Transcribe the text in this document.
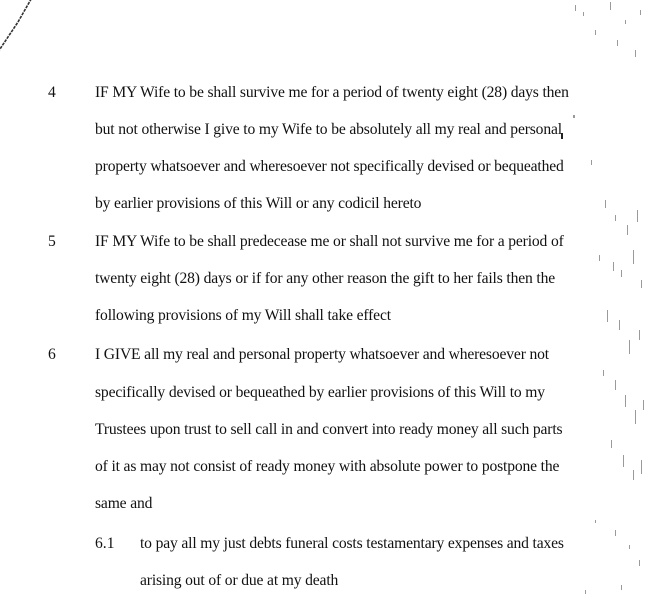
4	IF MY Wife to be shall survive me for a period of twenty eight (28) days then
but not otherwise I give to my Wife to be absolutely all my real and personal
property whatsoever and wheresoever not specifically devised or bequeathed
by earlier provisions of this Will or any codicil hereto
5	IF MY Wife to be shall predecease me or shall not survive me for a period of
twenty eight (28) days or if for any other reason the gift to her fails then the
following provisions of my Will shall take effect
6	I GIVE all my real and personal property whatsoever and wheresoever not
specifically devised or bequeathed by earlier provisions of this Will to my
Trustees upon trust to sell call in and convert into ready money all such parts
of it as may not consist of ready money with absolute power to postpone the
same and
6.1 to pay all my just debts funeral costs testamentary expenses and taxes
arising out of or due at my death
